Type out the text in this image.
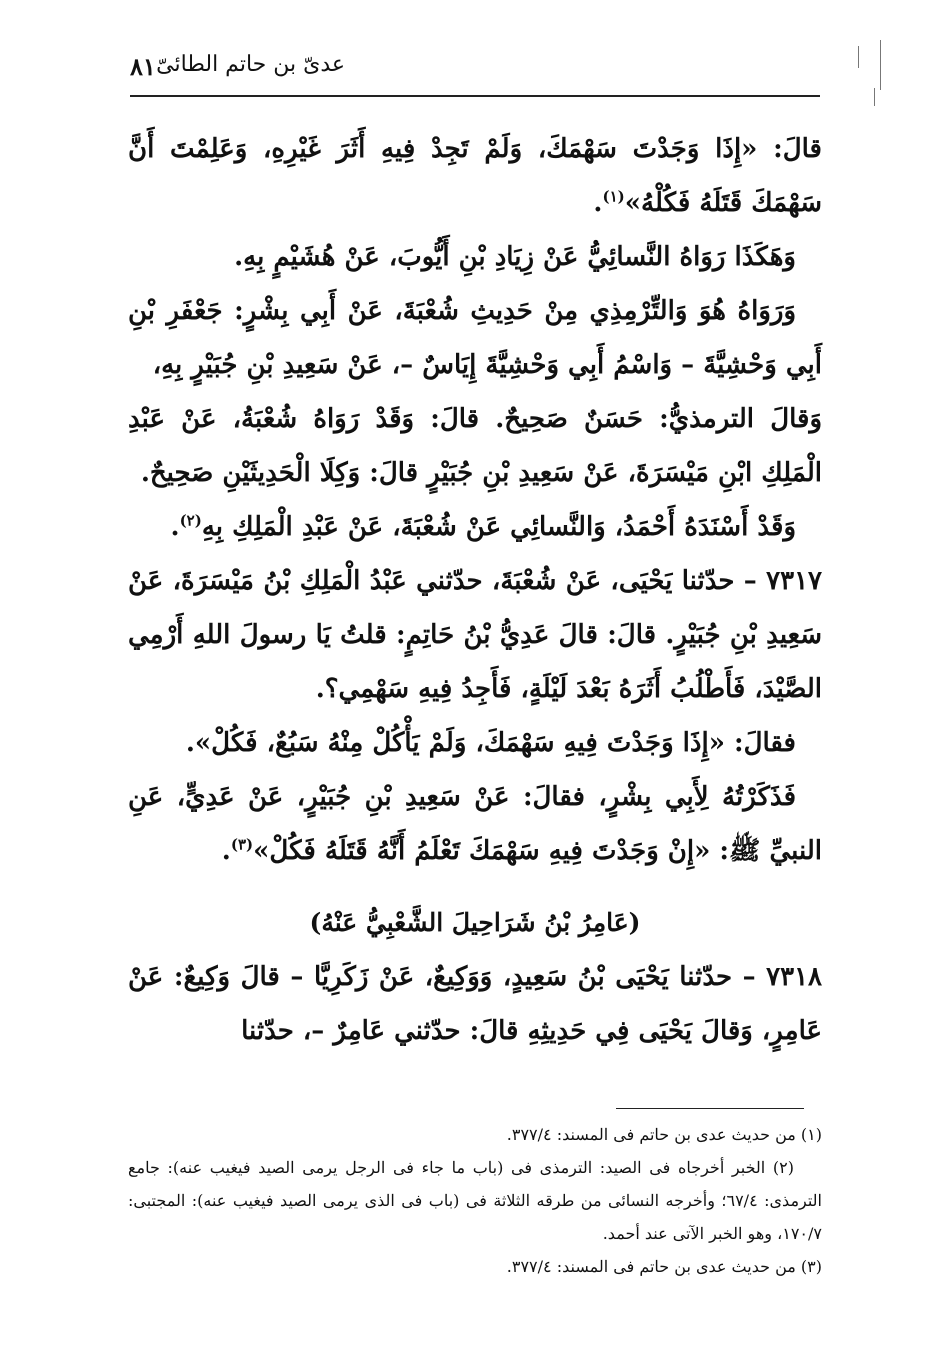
عدىّ بن حاتم الطائىّ
٨١

قالَ: «إِذَا وَجَدْتَ سَهْمَكَ، وَلَمْ تَجِدْ فِيهِ أَثَرَ غَيْرِهِ، وَعَلِمْتَ أَنَّ سَهْمَكَ قَتَلَهُ فَكُلْهُ»$^{(١)}$.

وَهَكَذَا رَوَاهُ النَّسائِيُّ عَنْ زِيَادِ بْنِ أَيُّوبَ، عَنْ هُشَيْمٍ بِهِ.

وَرَوَاهُ هُوَ وَالتِّرْمِذِي مِنْ حَدِيثِ شُعْبَةَ، عَنْ أَبِي بِشْرٍ: جَعْفَرِ بْنِ أَبِي وَحْشِيَّةَ – وَاسْمُ أَبِي وَحْشِيَّةَ إِيَاسٌ –، عَنْ سَعِيدِ بْنِ جُبَيْرٍ بِهِ،

وَقالَ الترمذيُّ: حَسَنٌ صَحِيحٌ. قالَ: وَقَدْ رَوَاهُ شُعْبَةُ، عَنْ عَبْدِ الْمَلِكِ ابْنِ مَيْسَرَةَ، عَنْ سَعِيدِ بْنِ جُبَيْرٍ قالَ: وَكِلَا الْحَدِيثَيْنِ صَحِيحٌ.

وَقَدْ أَسْنَدَهُ أَحْمَدُ، وَالنَّسائِي عَنْ شُعْبَةَ، عَنْ عَبْدِ الْمَلِكِ بِهِ$^{(٢)}$.

٧٣١٧ – حدّثنا يَحْيَى، عَنْ شُعْبَةَ، حدّثني عَبْدُ الْمَلِكِ بْنُ مَيْسَرَةَ، عَنْ سَعِيدِ بْنِ جُبَيْرٍ. قالَ: قالَ عَدِيُّ بْنُ حَاتِمٍ: قلتُ يَا رسولَ اللهِ أَرْمِي الصَّيْدَ، فَأَطْلُبُ أَثَرَهُ بَعْدَ لَيْلَةٍ، فَأَجِدُ فِيهِ سَهْمِي؟.

فقالَ: «إِذَا وَجَدْتَ فِيهِ سَهْمَكَ، وَلَمْ يَأْكُلْ مِنْهُ سَبُعٌ، فَكُلْ».

فَذَكَرْتُهُ لِأَبِي بِشْرٍ، فقالَ: عَنْ سَعِيدِ بْنِ جُبَيْرٍ، عَنْ عَدِيٍّ، عَنِ النبيِّ ﷺ: «إِنْ وَجَدْتَ فِيهِ سَهْمَكَ تَعْلَمُ أَنَّهُ قَتَلَهُ فَكُلْ»$^{(٣)}$.

(عَامِرُ بْنُ شَرَاحِيلَ الشَّعْبِيُّ عَنْهُ)

٧٣١٨ – حدّثنا يَحْيَى بْنُ سَعِيدٍ، وَوَكِيعٌ، عَنْ زَكَرِيَّا – قالَ وَكِيعٌ: عَنْ عَامِرٍ، وَقالَ يَحْيَى فِي حَدِيثِهِ قالَ: حدّثني عَامِرٌ –، حدّثنا

(١) من حديث عدى بن حاتم فى المسند: ٣٧٧/٤.

(٢) الخبر أخرجاه فى الصيد: الترمذى فى (باب ما جاء فى الرجل يرمى الصيد فيغيب عنه): جامع الترمذى: ٦٧/٤؛ وأخرجه النسائى من طرقه الثلاثة فى (باب فى الذى يرمى الصيد فيغيب عنه): المجتبى: ١٧٠/٧، وهو الخبر الآتى عند أحمد.

(٣) من حديث عدى بن حاتم فى المسند: ٣٧٧/٤.
